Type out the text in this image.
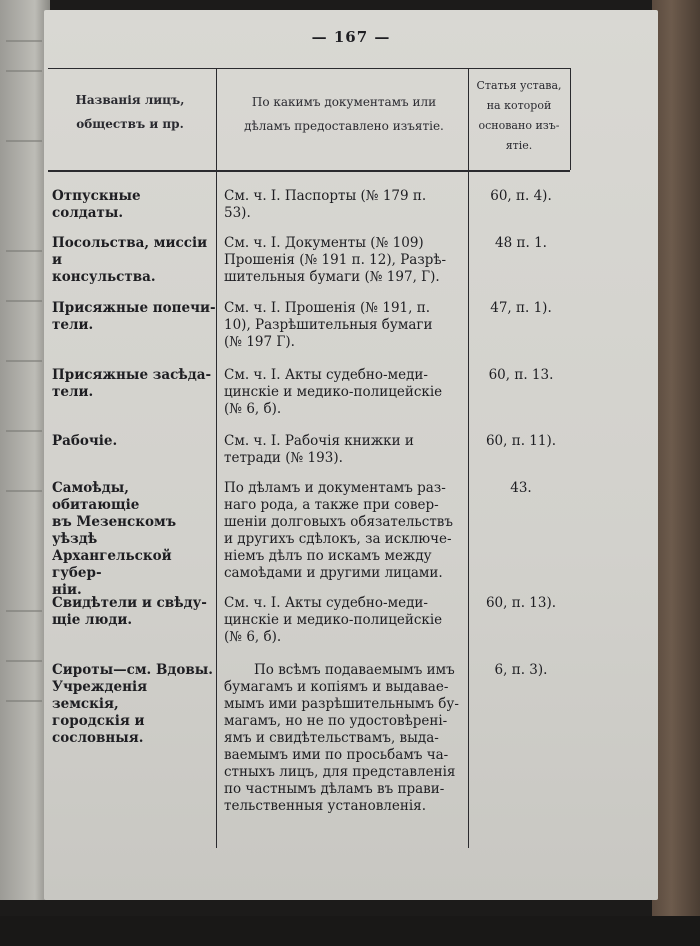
— 167 —
Названія лицъ,
обществъ и пр.
По какимъ документамъ или
дѣламъ предоставлено изъятіе.
Статья устава,
на которой
основано изъ-
ятіе.
Отпускные солдаты.
См. ч. I. Паспорты (№ 179 п.
53).
60, п. 4).
Посольства, миссіи и
консульства.
См. ч. I. Документы (№ 109)
Прошенія (№ 191 п. 12), Разрѣ-
шительныя бумаги (№ 197, Г).
48 п. 1.
Присяжные попечи-
тели.
См. ч. I. Прошенія (№ 191, п.
10), Разрѣшительныя бумаги
(№ 197 Г).
47, п. 1).
Присяжные засѣда-
тели.
См. ч. I. Акты судебно-меди-
цинскіе и медико-полицейскіе
(№ 6, б).
60, п. 13.
Рабочіе.	См. ч. I. Рабочія книжки и
тетради (№ 193).
60, п. 11).
Самоѣды, обитающіе
въ Мезенскомъ уѣздѣ
Архангельской губер-
ніи.
По дѣламъ и документамъ раз-
наго рода, а также при совер-
шеніи долговыхъ обязательствъ
и другихъ сдѣлокъ, за исключе-
ніемъ дѣлъ по искамъ между
самоѣдами и другими лицами.
43.
Свидѣтели и свѣду-
щіе люди.
См. ч. I. Акты судебно-меди-
цинскіе и медико-полицейскіе
(№ 6, б).
60, п. 13).
Сироты—см. Вдовы.
Учрежденія земскія,
городскія и сословныя.
По всѣмъ подаваемымъ имъ
бумагамъ и копіямъ и выдавае-
мымъ ими разрѣшительнымъ бу-
магамъ, но не по удостовѣрені-
ямъ и свидѣтельствамъ, выда-
ваемымъ ими по просьбамъ ча-
стныхъ лицъ, для представленія
по частнымъ дѣламъ въ прави-
тельственныя установленія.
6, п. 3).
